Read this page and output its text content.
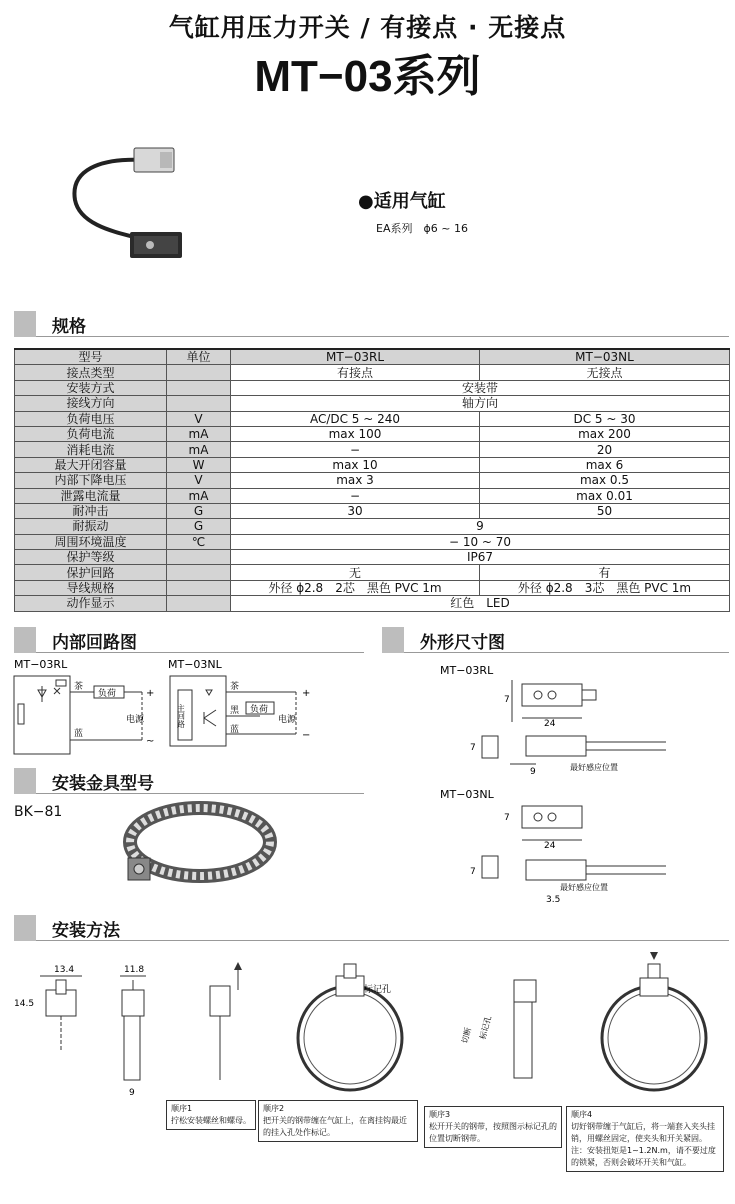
气缸用压力开关 / 有接点 · 无接点
MT−03系列
●适用气缸
EA系列　ϕ6 ~ 16
规格
型号	单位	MT−03RL	MT−03NL
接点类型		有接点	无接点
安装方式		安装带	
接线方向		轴方向	
负荷电压	V	AC/DC 5 ~ 240	DC 5 ~ 30
负荷电流	mA	max 100	max 200
消耗电流	mA	−	20
最大开闭容量	W	max 10	max 6
内部下降电压	V	max 3	max 0.5
泄露电流量	mA	−	max 0.01
耐冲击	G	30	50
耐振动	G	9	
周围环境温度	℃	− 10 ~ 70	
保护等级		IP67	
保护回路		无	有
导线规格		外径 ϕ2.8　2芯　黑色 PVC 1m	外径 ϕ2.8　3芯　黑色 PVC 1m
动作显示		红色　LED	
内部回路图	外形尺寸图
MT−03RL	MT−03NL
负荷
茶
蓝
电源
+
~
主回路	负荷
茶
黑
蓝
电源
+
−
MT−03RL
7
24
7
9	最好感应位置
MT−03NL
7
24
7
最好感应位置
3.5
安装金具型号
BK−81
安装方法
13.4	11.8
14.5
9
标记孔
切断 标记孔
顺序1
拧松安装螺丝和螺母。
顺序2
把开关的钢带缠在气缸上，在离挂钩最近的挂入孔处作标记。
顺序3
松开开关的钢带，按照图示标记孔的位置切断钢带。
顺序4
切好钢带缠于气缸后，将一端套入夹头挂销，用螺丝固定，使夹头和开关紧固。
注：安装扭矩是1~1.2N.m，请不要过度的锁紧，否则会破坏开关和气缸。
